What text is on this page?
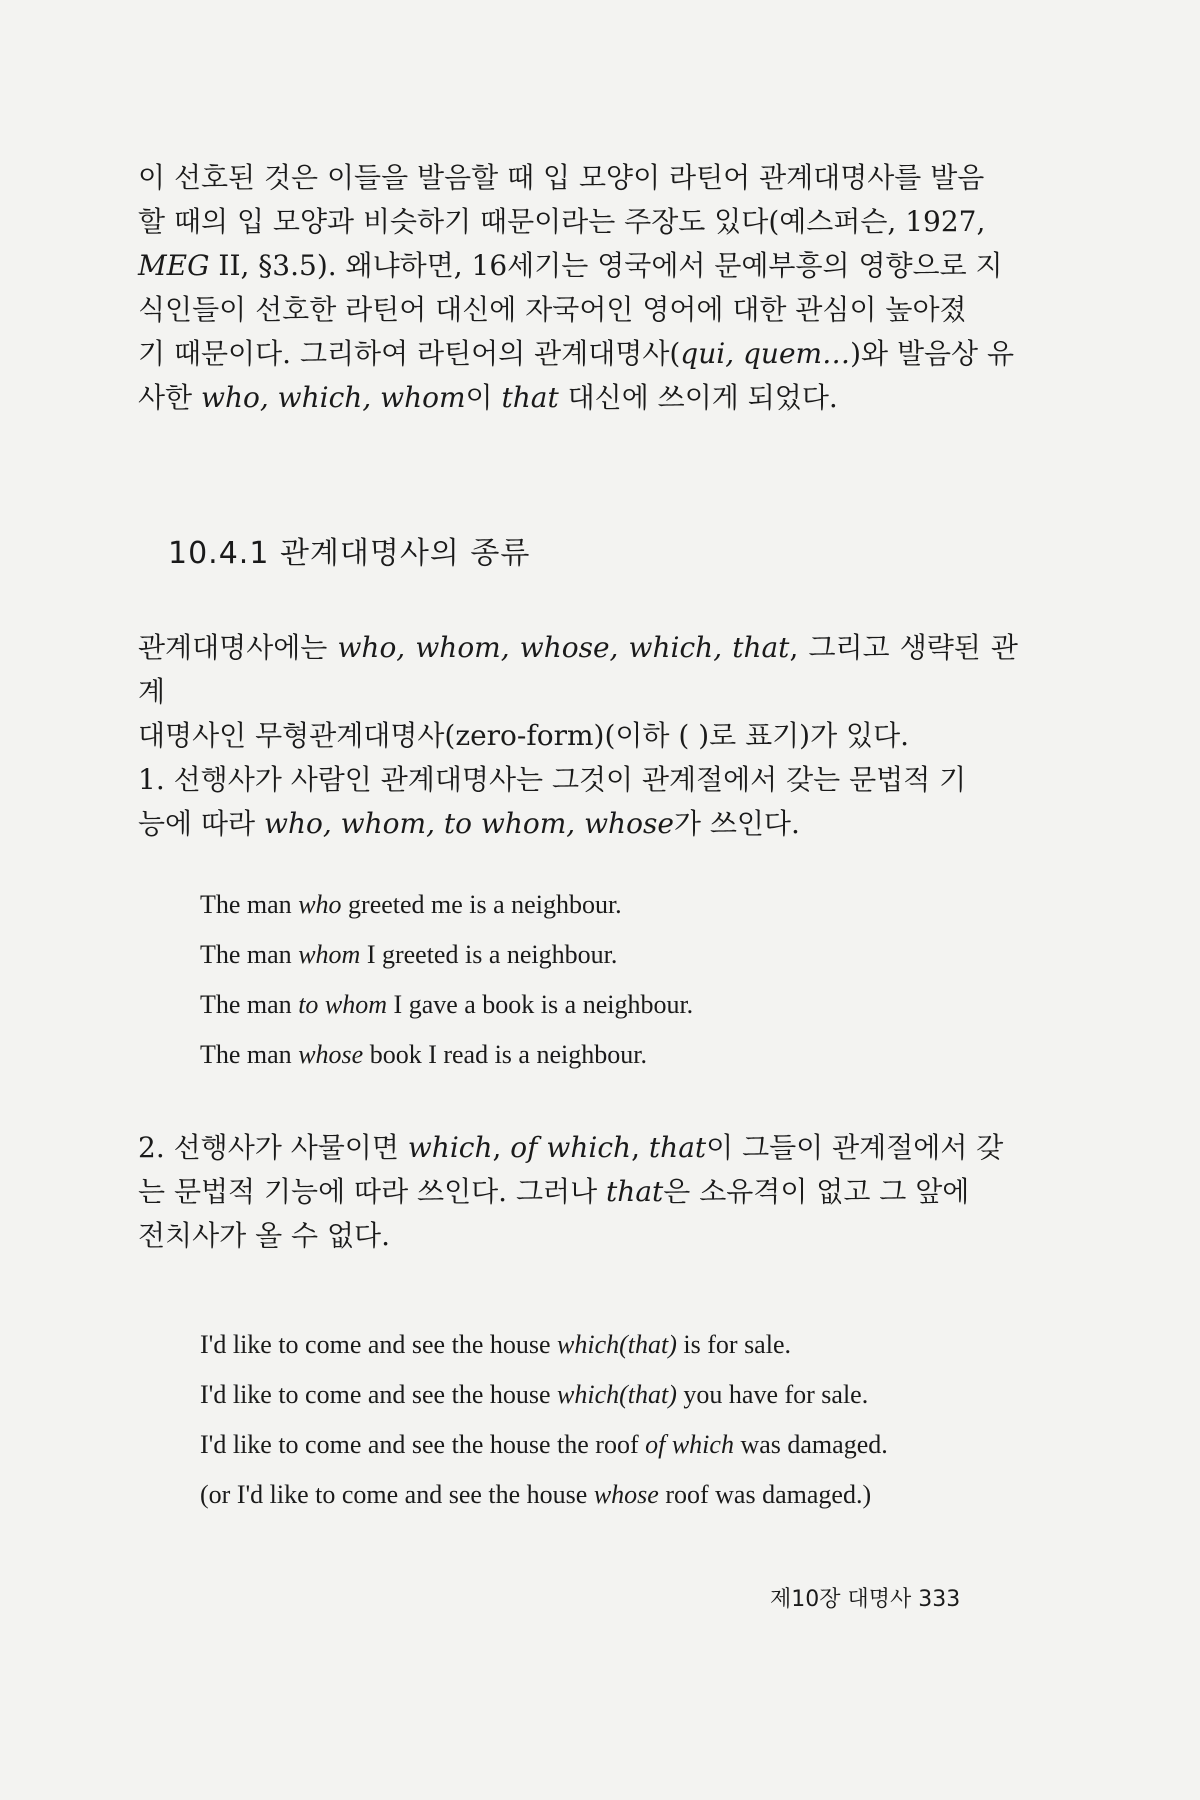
이 선호된 것은 이들을 발음할 때 입 모양이 라틴어 관계대명사를 발음

할 때의 입 모양과 비슷하기 때문이라는 주장도 있다(예스퍼슨, 1927,

MEG II, §3.5). 왜냐하면, 16세기는 영국에서 문예부흥의 영향으로 지

식인들이 선호한 라틴어 대신에 자국어인 영어에 대한 관심이 높아졌

기 때문이다. 그리하여 라틴어의 관계대명사(qui, quem…)와 발음상 유

사한 who, which, whom이 that 대신에 쓰이게 되었다.

10.4.1 관계대명사의 종류

관계대명사에는 who, whom, whose, which, that, 그리고 생략된 관계

대명사인 무형관계대명사(zero-form)(이하 ( )로 표기)가 있다.

1. 선행사가 사람인 관계대명사는 그것이 관계절에서 갖는 문법적 기

능에 따라 who, whom, to whom, whose가 쓰인다.

The man who greeted me is a neighbour.
The man whom I greeted is a neighbour.
The man to whom I gave a book is a neighbour.
The man whose book I read is a neighbour.

2. 선행사가 사물이면 which, of which, that이 그들이 관계절에서 갖

는 문법적 기능에 따라 쓰인다. 그러나 that은 소유격이 없고 그 앞에

전치사가 올 수 없다.

I'd like to come and see the house which(that) is for sale.
I'd like to come and see the house which(that) you have for sale.
I'd like to come and see the house the roof of which was damaged.
(or I'd like to come and see the house whose roof was damaged.)
제10장 대명사 333
